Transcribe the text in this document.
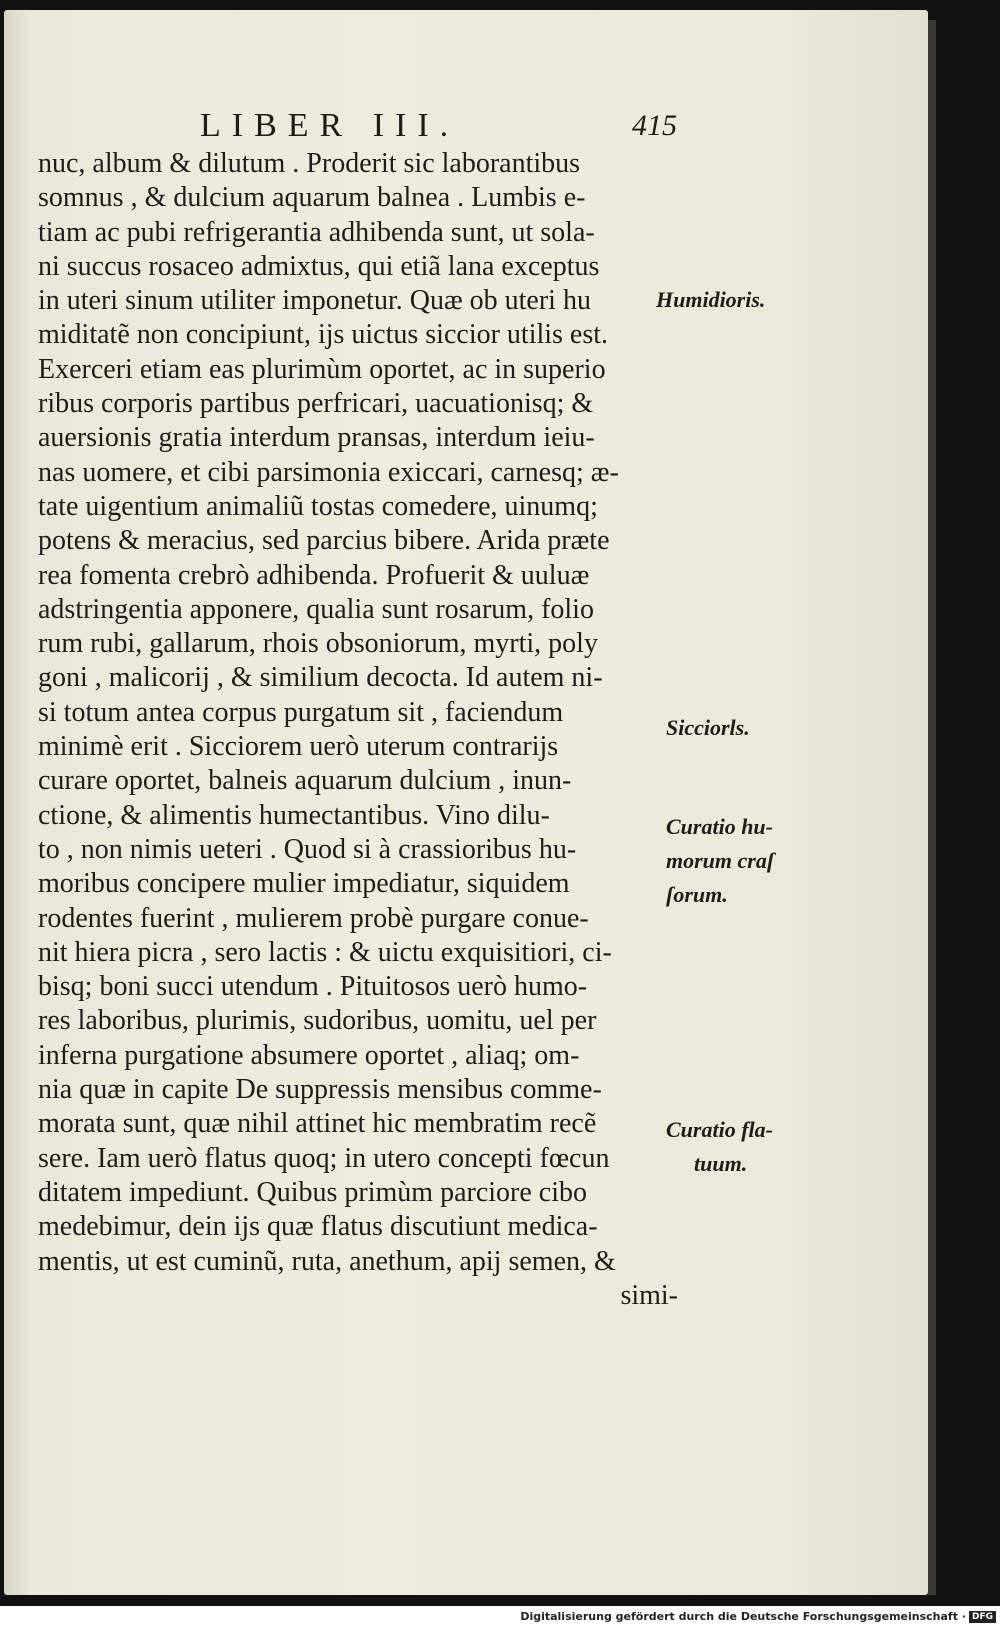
LIBER III.	415
nuc, album & dilutum . Proderit sic laborantibus
somnus , & dulcium aquarum balnea . Lumbis e-
tiam ac pubi refrigerantia adhibenda sunt, ut sola-
ni succus rosaceo admixtus, qui etiã lana exceptus
in uteri sinum utiliter imponetur. Quæ ob uteri hu
miditatẽ non concipiunt, ijs uictus siccior utilis est.
Exerceri etiam eas plurimùm oportet, ac in superio
ribus corporis partibus perfricari, uacuationisq; &
auersionis gratia interdum pransas, interdum ieiu-
nas uomere, et cibi parsimonia exiccari, carnesq; æ-
tate uigentium animaliũ tostas comedere, uinumq;
potens & meracius, sed parcius bibere. Arida præte
rea fomenta crebrò adhibenda. Profuerit & uuluæ
adstringentia apponere, qualia sunt rosarum, folio
rum rubi, gallarum, rhois obsoniorum, myrti, poly
goni , malicorij , & similium decocta. Id autem ni-
si totum antea corpus purgatum sit , faciendum
minimè erit . Sicciorem uerò uterum contrarijs
curare oportet, balneis aquarum dulcium , inun-
ctione, & alimentis humectantibus. Vino dilu-
to , non nimis ueteri . Quod si à crassioribus hu-
moribus concipere mulier impediatur, siquidem
rodentes fuerint , mulierem probè purgare conue-
nit hiera picra , sero lactis : & uictu exquisitiori, ci-
bisq; boni succi utendum . Pituitosos uerò humo-
res laboribus, plurimis, sudoribus, uomitu, uel per
inferna purgatione absumere oportet , aliaq; om-
nia quæ in capite De suppressis mensibus comme-
morata sunt, quæ nihil attinet hic membratim recẽ
sere. Iam uerò flatus quoq; in utero concepti fœcun
ditatem impediunt. Quibus primùm parciore cibo
medebimur, dein ijs quæ flatus discutiunt medica-
mentis, ut est cuminũ, ruta, anethum, apij semen, &
simi-
Humidioris.
Sicciorls.
Curatio hu-
morum craſ
ſorum.
Curatio fla-
tuum.
Digitalisierung gefördert durch die Deutsche Forschungsgemeinschaft · DFG
